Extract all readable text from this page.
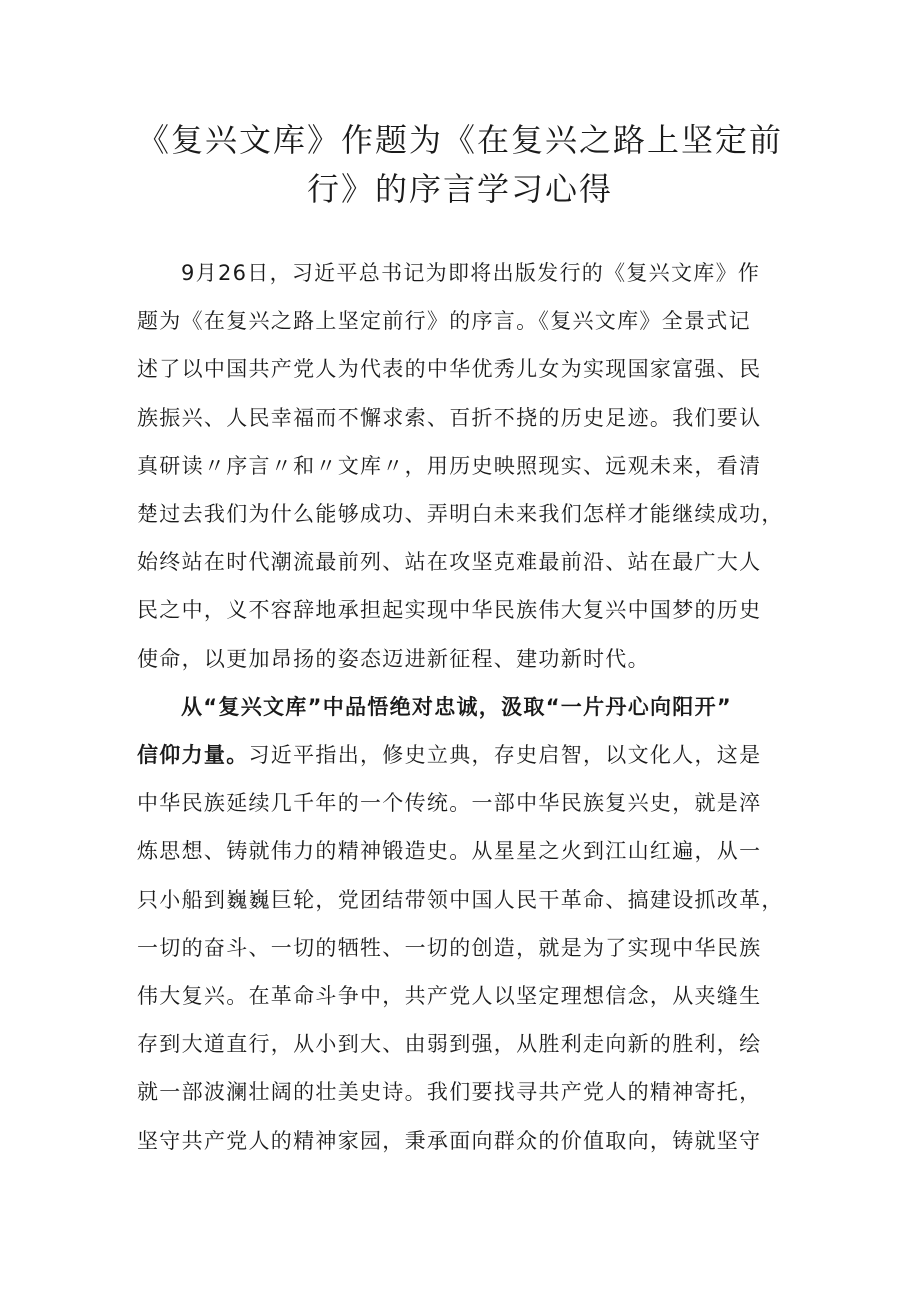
《复兴文库》作题为《在复兴之路上坚定前
行》的序言学习心得
9月26日，习近平总书记为即将出版发行的《复兴文库》作
题为《在复兴之路上坚定前行》的序言。《复兴文库》全景式记
述了以中国共产党人为代表的中华优秀儿女为实现国家富强、民
族振兴、人民幸福而不懈求索、百折不挠的历史足迹。我们要认
真研读〃序言〃和〃文库〃，用历史映照现实、远观未来，看清
楚过去我们为什么能够成功、弄明白未来我们怎样才能继续成功，
始终站在时代潮流最前列、站在攻坚克难最前沿、站在最广大人
民之中，义不容辞地承担起实现中华民族伟大复兴中国梦的历史
使命，以更加昂扬的姿态迈进新征程、建功新时代。
从“复兴文库”中品悟绝对忠诚，汲取“一片丹心向阳开”
信仰力量。习近平指出，修史立典，存史启智，以文化人，这是
中华民族延续几千年的一个传统。一部中华民族复兴史，就是淬
炼思想、铸就伟力的精神锻造史。从星星之火到江山红遍，从一
只小船到巍巍巨轮，党团结带领中国人民干革命、搞建设抓改革，
一切的奋斗、一切的牺牲、一切的创造，就是为了实现中华民族
伟大复兴。在革命斗争中，共产党人以坚定理想信念，从夹缝生
存到大道直行，从小到大、由弱到强，从胜利走向新的胜利，绘
就一部波澜壮阔的壮美史诗。我们要找寻共产党人的精神寄托，
坚守共产党人的精神家园，秉承面向群众的价值取向，铸就坚守
